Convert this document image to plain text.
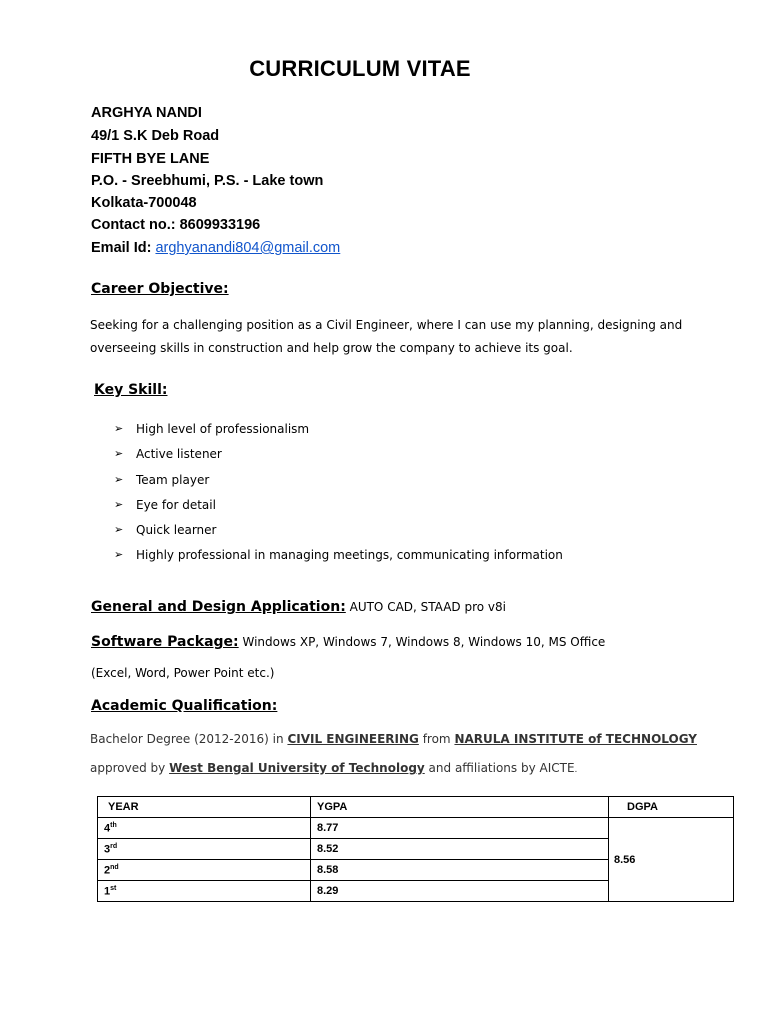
CURRICULUM VITAE
ARGHYA NANDI
49/1 S.K Deb Road
FIFTH BYE LANE
P.O. - Sreebhumi, P.S. - Lake town
Kolkata-700048
Contact no.: 8609933196
Email Id: arghyanandi804@gmail.com
Career Objective:
Seeking for a challenging position as a Civil Engineer, where I can use my planning, designing and
overseeing skills in construction and help grow the company to achieve its goal.
Key Skill:
➢ High level of professionalism
➢ Active listener
➢ Team player
➢ Eye for detail
➢ Quick learner
➢ Highly professional in managing meetings, communicating information
General and Design Application: AUTO CAD, STAAD pro v8i
Software Package: Windows XP, Windows 7, Windows 8, Windows 10, MS Office
(Excel, Word, Power Point etc.)
Academic Qualification:
Bachelor Degree (2012-2016) in CIVIL ENGINEERING from NARULA INSTITUTE of TECHNOLOGY
approved by West Bengal University of Technology and affiliations by AICTE.
YEAR	YGPA	DGPA
4th	8.77	8.56
3rd	8.52	
2nd	8.58	
1st	8.29	
